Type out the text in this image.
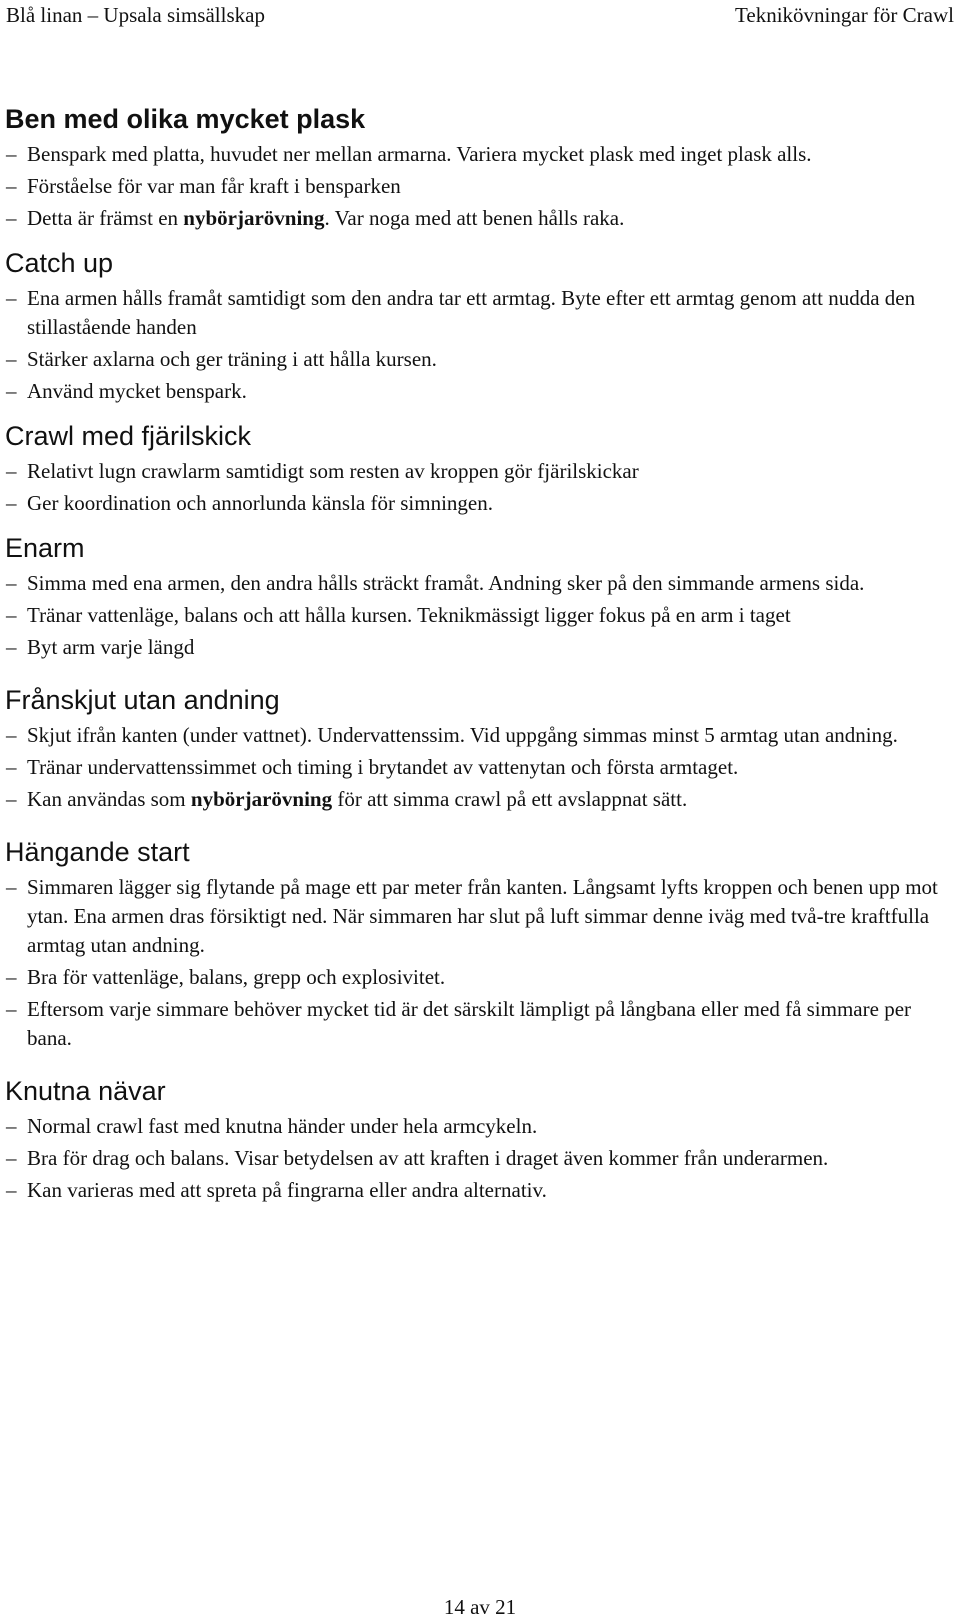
Blå linan – Upsala simsällskap	Teknikövningar för Crawl
Ben med olika mycket plask
– Benspark med platta, huvudet ner mellan armarna. Variera mycket plask med inget plask alls.
– Förståelse för var man får kraft i bensparken
– Detta är främst en nybörjarövning. Var noga med att benen hålls raka.
Catch up
– Ena armen hålls framåt samtidigt som den andra tar ett armtag. Byte efter ett armtag genom att nudda den stillastående handen
– Stärker axlarna och ger träning i att hålla kursen.
– Använd mycket benspark.
Crawl med fjärilskick
– Relativt lugn crawlarm samtidigt som resten av kroppen gör fjärilskickar
– Ger koordination och annorlunda känsla för simningen.
Enarm
– Simma med ena armen, den andra hålls sträckt framåt. Andning sker på den simmande armens sida.
– Tränar vattenläge, balans och att hålla kursen. Teknikmässigt ligger fokus på en arm i taget
– Byt arm varje längd
Frånskjut utan andning
– Skjut ifrån kanten (under vattnet). Undervattenssim. Vid uppgång simmas minst 5 armtag utan andning.
– Tränar undervattenssimmet och timing i brytandet av vattenytan och första armtaget.
– Kan användas som nybörjarövning för att simma crawl på ett avslappnat sätt.
Hängande start
– Simmaren lägger sig flytande på mage ett par meter från kanten. Långsamt lyfts kroppen och benen upp mot ytan. Ena armen dras försiktigt ned. När simmaren har slut på luft simmar denne iväg med två-tre kraftfulla armtag utan andning.
– Bra för vattenläge, balans, grepp och explosivitet.
– Eftersom varje simmare behöver mycket tid är det särskilt lämpligt på långbana eller med få simmare per bana.
Knutna nävar
– Normal crawl fast med knutna händer under hela armcykeln.
– Bra för drag och balans. Visar betydelsen av att kraften i draget även kommer från underarmen.
– Kan varieras med att spreta på fingrarna eller andra alternativ.
14 av 21
